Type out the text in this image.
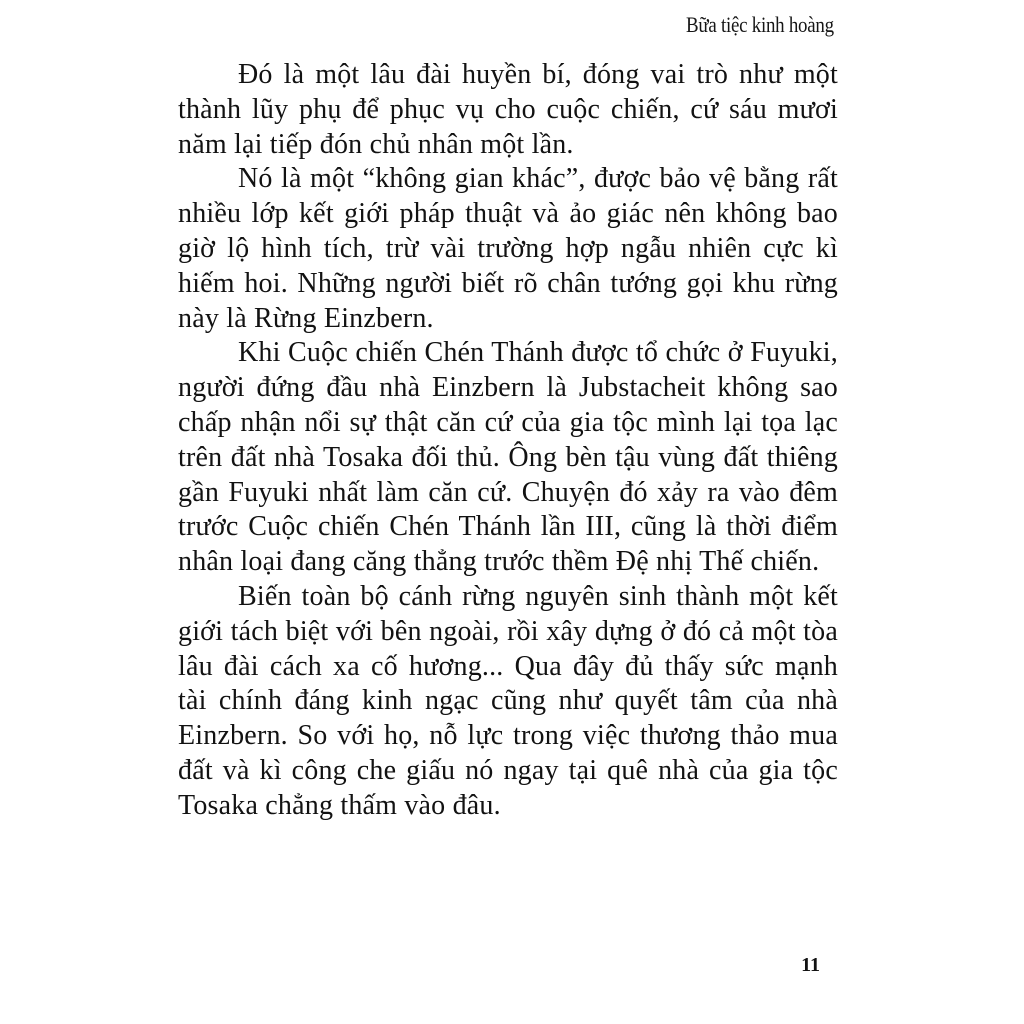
Bữa tiệc kinh hoàng
Đó là một lâu đài huyền bí, đóng vai trò như một
thành lũy phụ để phục vụ cho cuộc chiến, cứ sáu mươi
năm lại tiếp đón chủ nhân một lần.
Nó là một “không gian khác”, được bảo vệ bằng rất
nhiều lớp kết giới pháp thuật và ảo giác nên không bao
giờ lộ hình tích, trừ vài trường hợp ngẫu nhiên cực kì
hiếm hoi. Những người biết rõ chân tướng gọi khu rừng
này là Rừng Einzbern.
Khi Cuộc chiến Chén Thánh được tổ chức ở Fuyuki,
người đứng đầu nhà Einzbern là Jubstacheit không sao
chấp nhận nổi sự thật căn cứ của gia tộc mình lại tọa lạc
trên đất nhà Tosaka đối thủ. Ông bèn tậu vùng đất thiêng
gần Fuyuki nhất làm căn cứ. Chuyện đó xảy ra vào đêm
trước Cuộc chiến Chén Thánh lần III, cũng là thời điểm
nhân loại đang căng thẳng trước thềm Đệ nhị Thế chiến.
Biến toàn bộ cánh rừng nguyên sinh thành một kết
giới tách biệt với bên ngoài, rồi xây dựng ở đó cả một tòa
lâu đài cách xa cố hương... Qua đây đủ thấy sức mạnh
tài chính đáng kinh ngạc cũng như quyết tâm của nhà
Einzbern. So với họ, nỗ lực trong việc thương thảo mua
đất và kì công che giấu nó ngay tại quê nhà của gia tộc
Tosaka chẳng thấm vào đâu.
11
